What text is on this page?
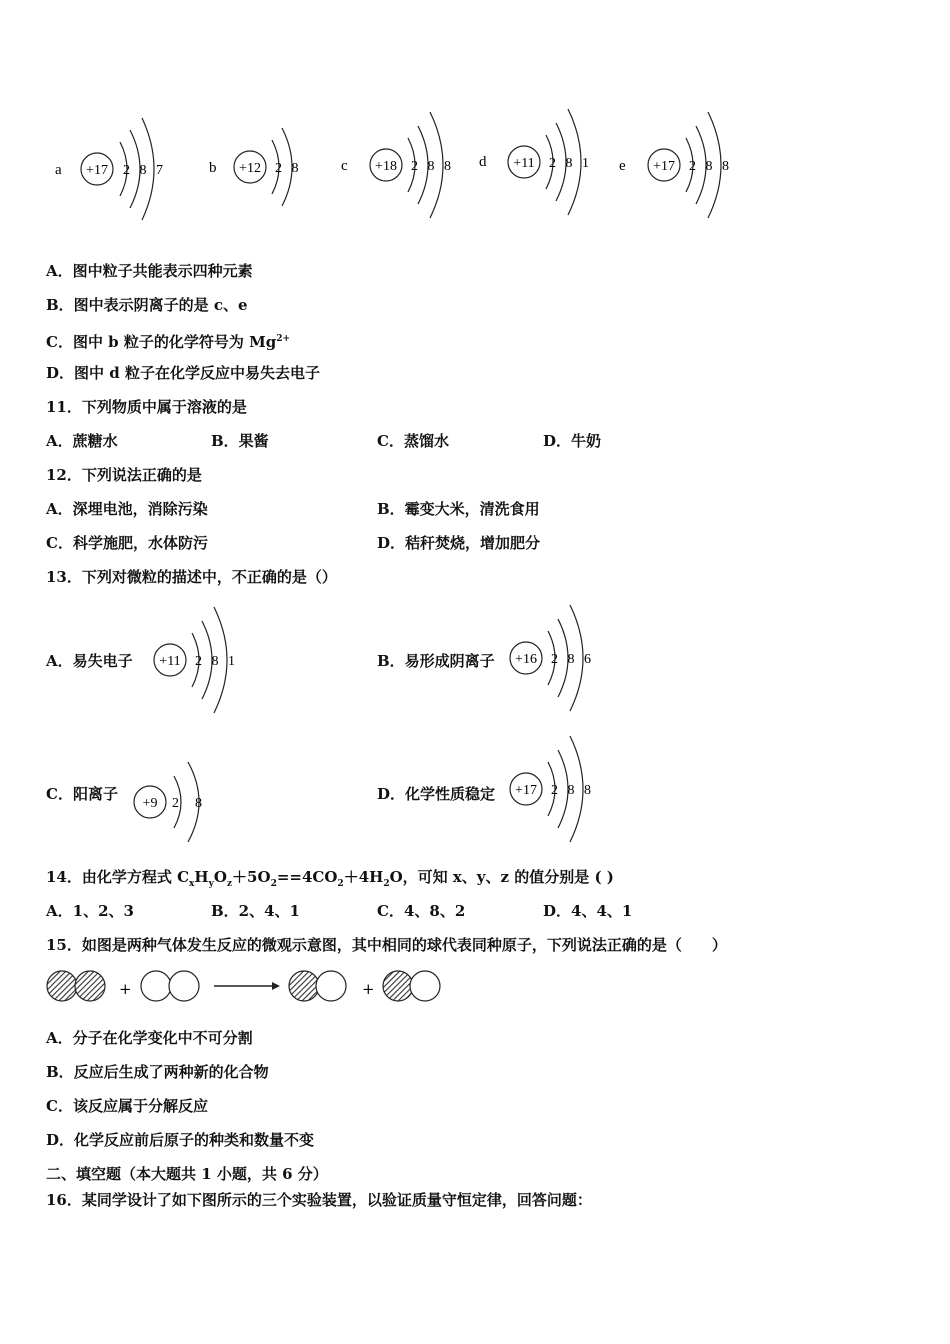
a +17 2 8 7	b +12 2 8	c +18 2 8 8 d +11 2 8 1 e +17 2 8 8
A．图中粒子共能表示四种元素
B．图中表示阴离子的是 c、e
C．图中 b 粒子的化学符号为 $Mg^{2+}$
D．图中 d 粒子在化学反应中易失去电子
11．下列物质中属于溶液的是
A．蔗糖水	B．果酱	C．蒸馏水	D．牛奶
12．下列说法正确的是
A．深埋电池，消除污染	B．霉变大米，清洗食用
C．科学施肥，水体防污	D．秸秆焚烧，增加肥分
13．下列对微粒的描述中，不正确的是（）
A．易失电子 +11 2 8 1	B．易形成阴离子 +16 2 8 6
C．阳离子
+9 2  8
D．化学性质稳定 +17 2 8 8
14．由化学方程式 $C_xH_yO_z+5O_2==4CO_2+4H_2O$，可知 x、y、z 的值分别是 ( )
A．1、2、3	B．2、4、1	C．4、8、2	D．4、4、1
15．如图是两种气体发生反应的微观示意图，其中相同的球代表同种原子，下列说法正确的是（　　）
+	+
A．分子在化学变化中不可分割
B．反应后生成了两种新的化合物
C．该反应属于分解反应
D．化学反应前后原子的种类和数量不变
二、填空题（本大题共 1 小题，共 6 分）
16．某同学设计了如下图所示的三个实验装置，以验证质量守恒定律，回答问题：
